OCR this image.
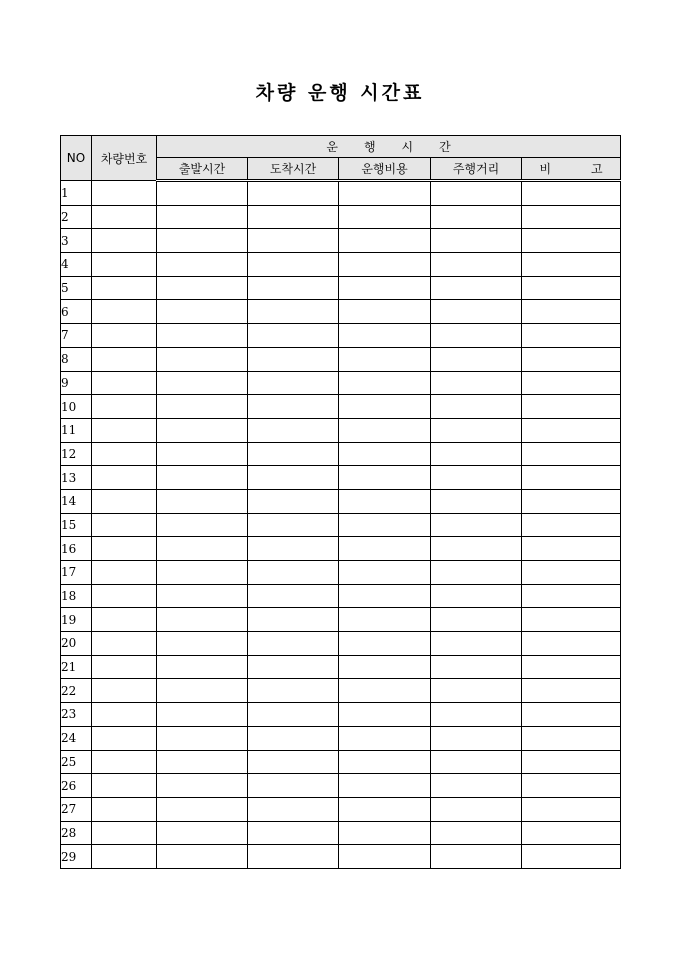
차량 운행 시간표
NO	차량번호	운 행 시 간				
		출발시간	도착시간	운행비용	주행거리	비 고
1						
2						
3						
4						
5						
6						
7						
8						
9						
10						
11						
12						
13						
14						
15						
16						
17						
18						
19						
20						
21						
22						
23						
24						
25						
26						
27						
28						
29						
